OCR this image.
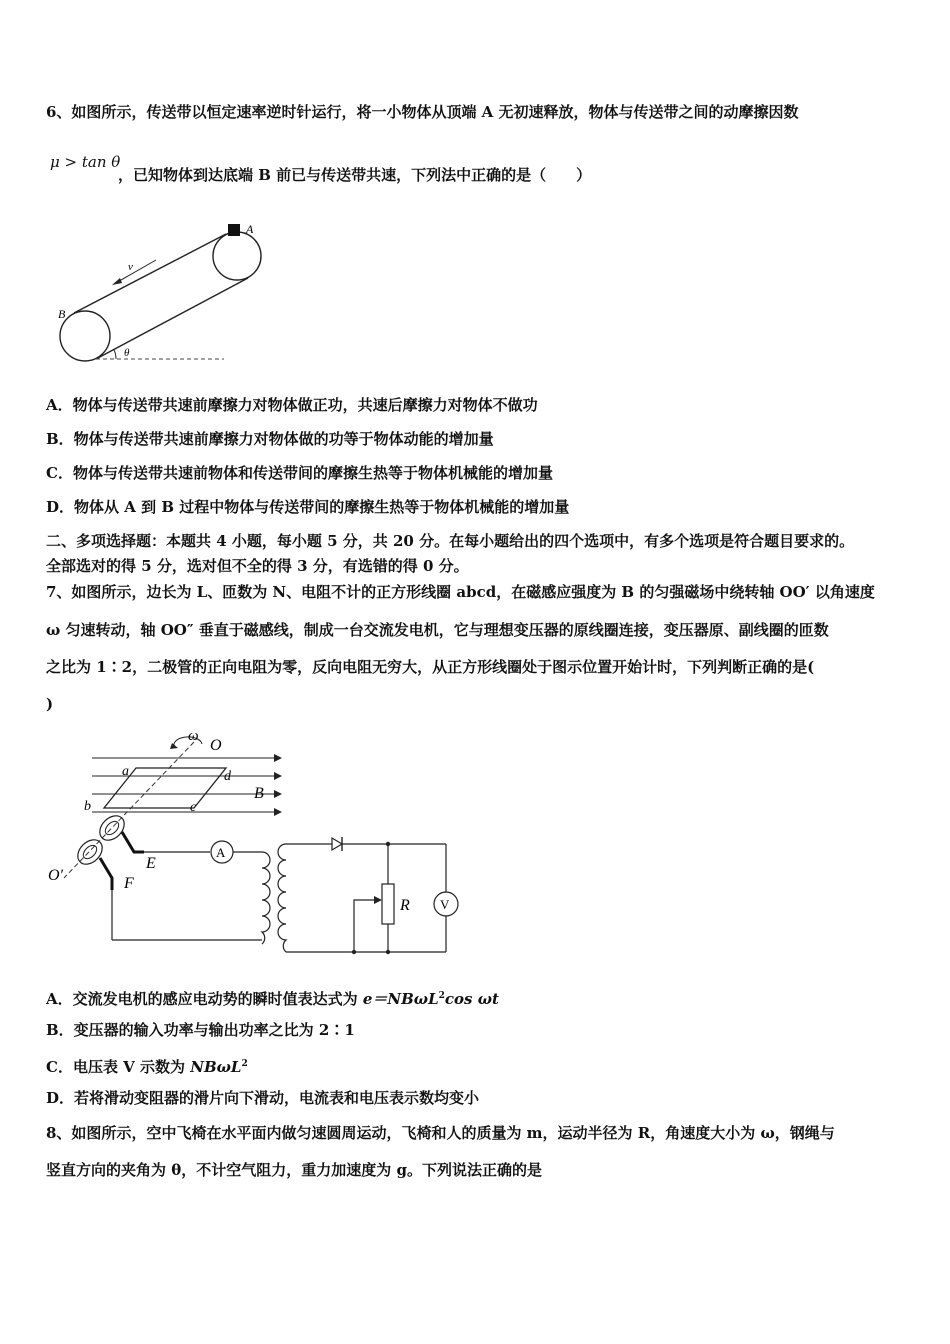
6、如图所示，传送带以恒定速率逆时针运行，将一小物体从顶端 A 无初速释放，物体与传送带之间的动摩擦因数
μ > tan θ
，已知物体到达底端 B 前已与传送带共速，下列法中正确的是（　　）
A
B
v
θ
A．物体与传送带共速前摩擦力对物体做正功，共速后摩擦力对物体不做功
B．物体与传送带共速前摩擦力对物体做的功等于物体动能的增加量
C．物体与传送带共速前物体和传送带间的摩擦生热等于物体机械能的增加量
D．物体从 A 到 B 过程中物体与传送带间的摩擦生热等于物体机械能的增加量
二、多项选择题：本题共 4 小题，每小题 5 分，共 20 分。在每小题给出的四个选项中，有多个选项是符合题目要求的。
全部选对的得 5 分，选对但不全的得 3 分，有选错的得 0 分。
7、如图所示，边长为 L、匝数为 N、电阻不计的正方形线圈 abcd，在磁感应强度为 B 的匀强磁场中绕转轴 OO′ 以角速度
ω 匀速转动，轴 OO″ 垂直于磁感线，制成一台交流发电机，它与理想变压器的原线圈连接，变压器原、副线圈的匝数
之比为 1∶2，二极管的正向电阻为零，反向电阻无穷大，从正方形线圈处于图示位置开始计时，下列判断正确的是(
)
ω
O
a	d
b	c
B
E
F
O′
A
R V
A．交流发电机的感应电动势的瞬时值表达式为 e＝NBωL$^2$cos ωt
B．变压器的输入功率与输出功率之比为 2∶1
C．电压表 V 示数为 NBωL$^2$
D．若将滑动变阻器的滑片向下滑动，电流表和电压表示数均变小
8、如图所示，空中飞椅在水平面内做匀速圆周运动，飞椅和人的质量为 m，运动半径为 R，角速度大小为 ω，钢绳与
竖直方向的夹角为 θ，不计空气阻力，重力加速度为 g。下列说法正确的是
